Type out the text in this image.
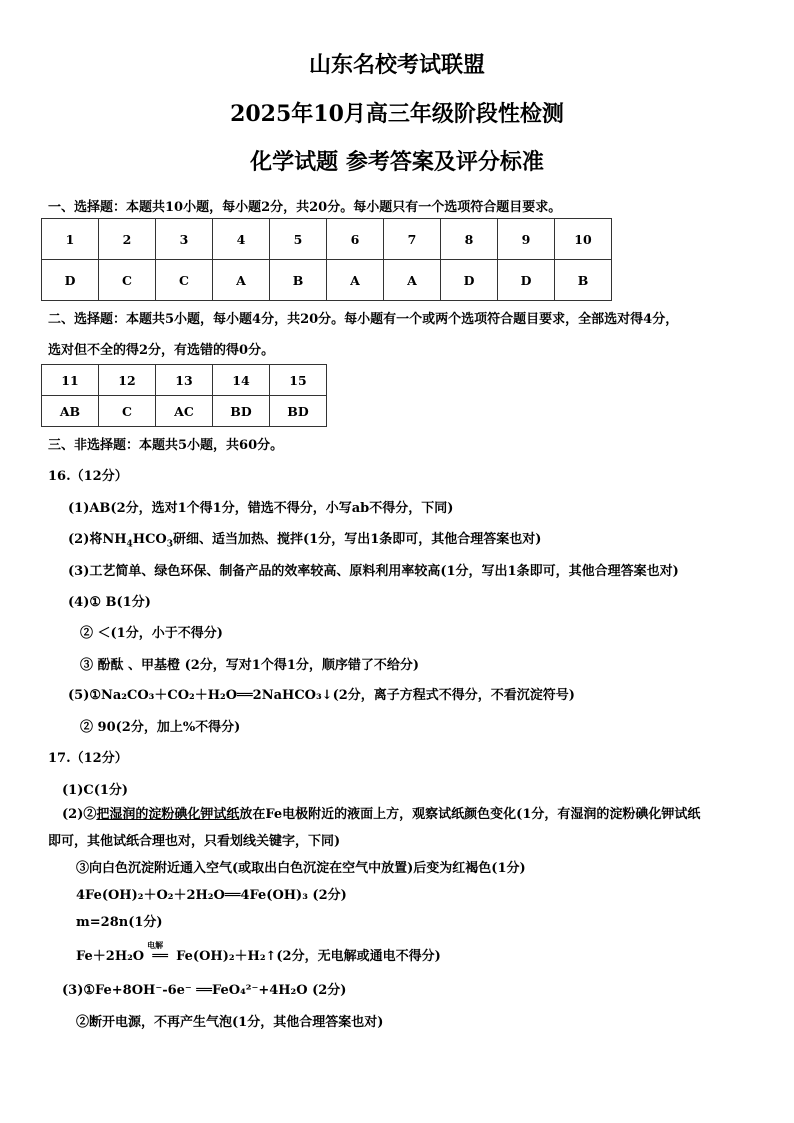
山东名校考试联盟
2025年10月高三年级阶段性检测
化学试题 参考答案及评分标准
一、选择题：本题共10小题，每小题2分，共20分。每小题只有一个选项符合题目要求。
1	2	3	4	5	6	7	8	9	10
D	C	C	A	B	A	A	D	D	B
二、选择题：本题共5小题，每小题4分，共20分。每小题有一个或两个选项符合题目要求，全部选对得4分，
选对但不全的得2分，有选错的得0分。
11	12	13	14	15
AB	C	AC	BD	BD
三、非选择题：本题共5小题，共60分。
16.（12分）
(1)AB(2分，选对1个得1分，错选不得分，小写ab不得分，下同)
(2)将$NH_4HCO_3$研细、适当加热、搅拌(1分，写出1条即可，其他合理答案也对)
(3)工艺简单、绿色环保、制备产品的效率较高、原料利用率较高(1分，写出1条即可，其他合理答案也对)
(4)① B(1分)
② ＜(1分，小于不得分)
③ 酚酞 、甲基橙 (2分，写对1个得1分，顺序错了不给分)
(5)①Na₂CO₃＋CO₂＋H₂O══2NaHCO₃↓(2分，离子方程式不得分，不看沉淀符号)
② 90(2分，加上%不得分)
17.（12分）
(1)C(1分)
(2)②把湿润的淀粉碘化钾试纸放在Fe电极附近的液面上方，观察试纸颜色变化(1分，有湿润的淀粉碘化钾试纸
即可，其他试纸合理也对，只看划线关键字，下同)
③向白色沉淀附近通入空气(或取出白色沉淀在空气中放置)后变为红褐色(1分)
4Fe(OH)₂＋O₂＋2H₂O══4Fe(OH)₃ (2分)
m=28n(1分)
Fe＋2H₂O
电解
══ Fe(OH)₂＋H₂↑(2分，无电解或通电不得分)
(3)①Fe+8OH⁻-6e⁻ ══FeO₄²⁻+4H₂O (2分)
②断开电源，不再产生气泡(1分，其他合理答案也对)
